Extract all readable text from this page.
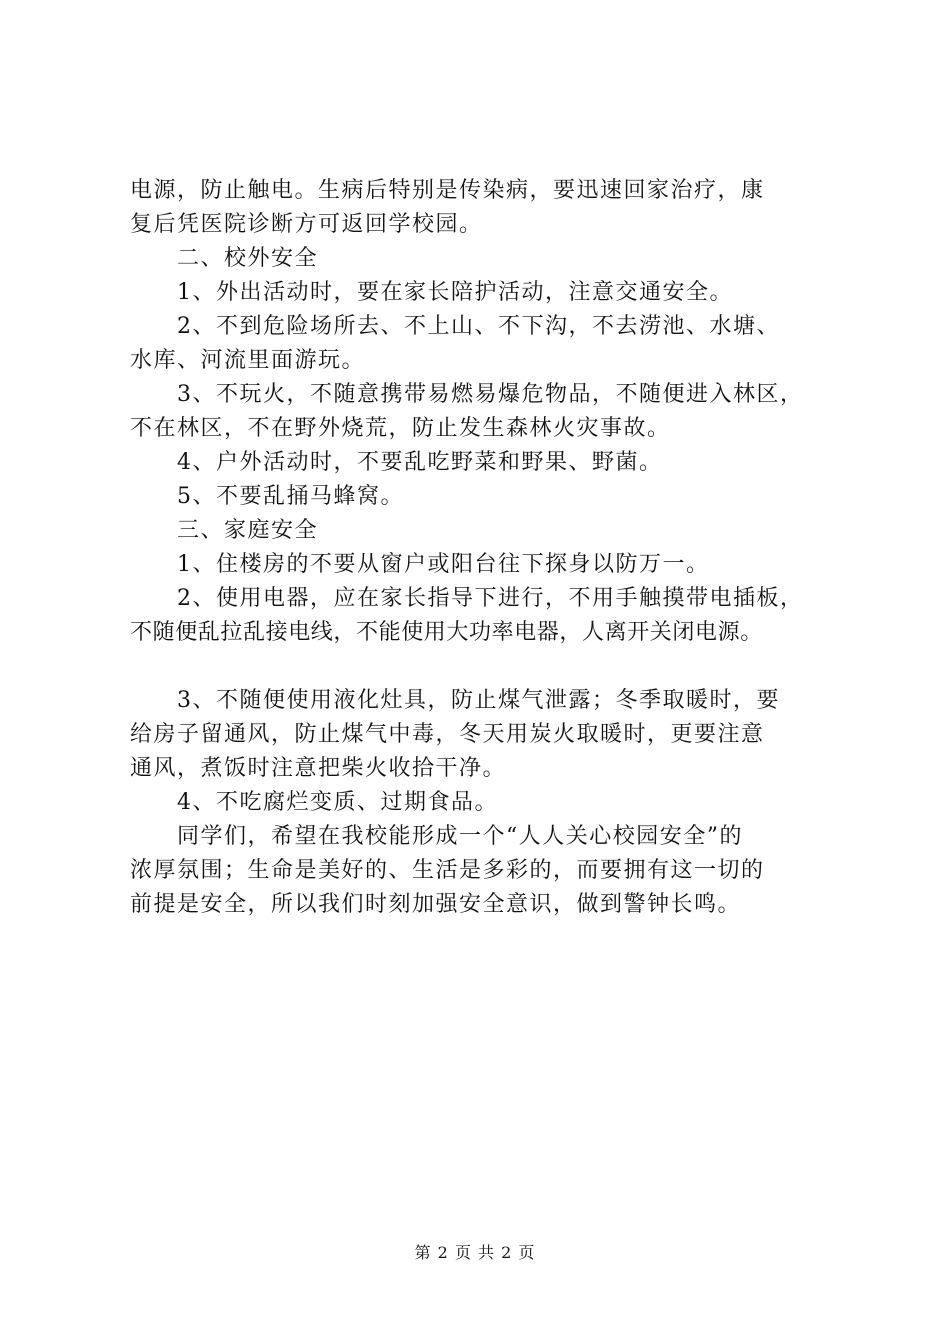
电源，防止触电。生病后特别是传染病，要迅速回家治疗，康
复后凭医院诊断方可返回学校园。
二、校外安全
1、外出活动时，要在家长陪护活动，注意交通安全。
2、不到危险场所去、不上山、不下沟，不去涝池、水塘、
水库、河流里面游玩。
3、不玩火，不随意携带易燃易爆危物品，不随便进入林区，
不在林区，不在野外烧荒，防止发生森林火灾事故。
4、户外活动时，不要乱吃野菜和野果、野菌。
5、不要乱捅马蜂窝。
三、家庭安全
1、住楼房的不要从窗户或阳台往下探身以防万一。
2、使用电器，应在家长指导下进行，不用手触摸带电插板，
不随便乱拉乱接电线，不能使用大功率电器，人离开关闭电源。
3、不随便使用液化灶具，防止煤气泄露；冬季取暖时，要
给房子留通风，防止煤气中毒，冬天用炭火取暖时，更要注意
通风，煮饭时注意把柴火收拾干净。
4、不吃腐烂变质、过期食品。
同学们，希望在我校能形成一个“人人关心校园安全”的
浓厚氛围；生命是美好的、生活是多彩的，而要拥有这一切的
前提是安全，所以我们时刻加强安全意识，做到警钟长鸣。
第 2 页 共 2 页
